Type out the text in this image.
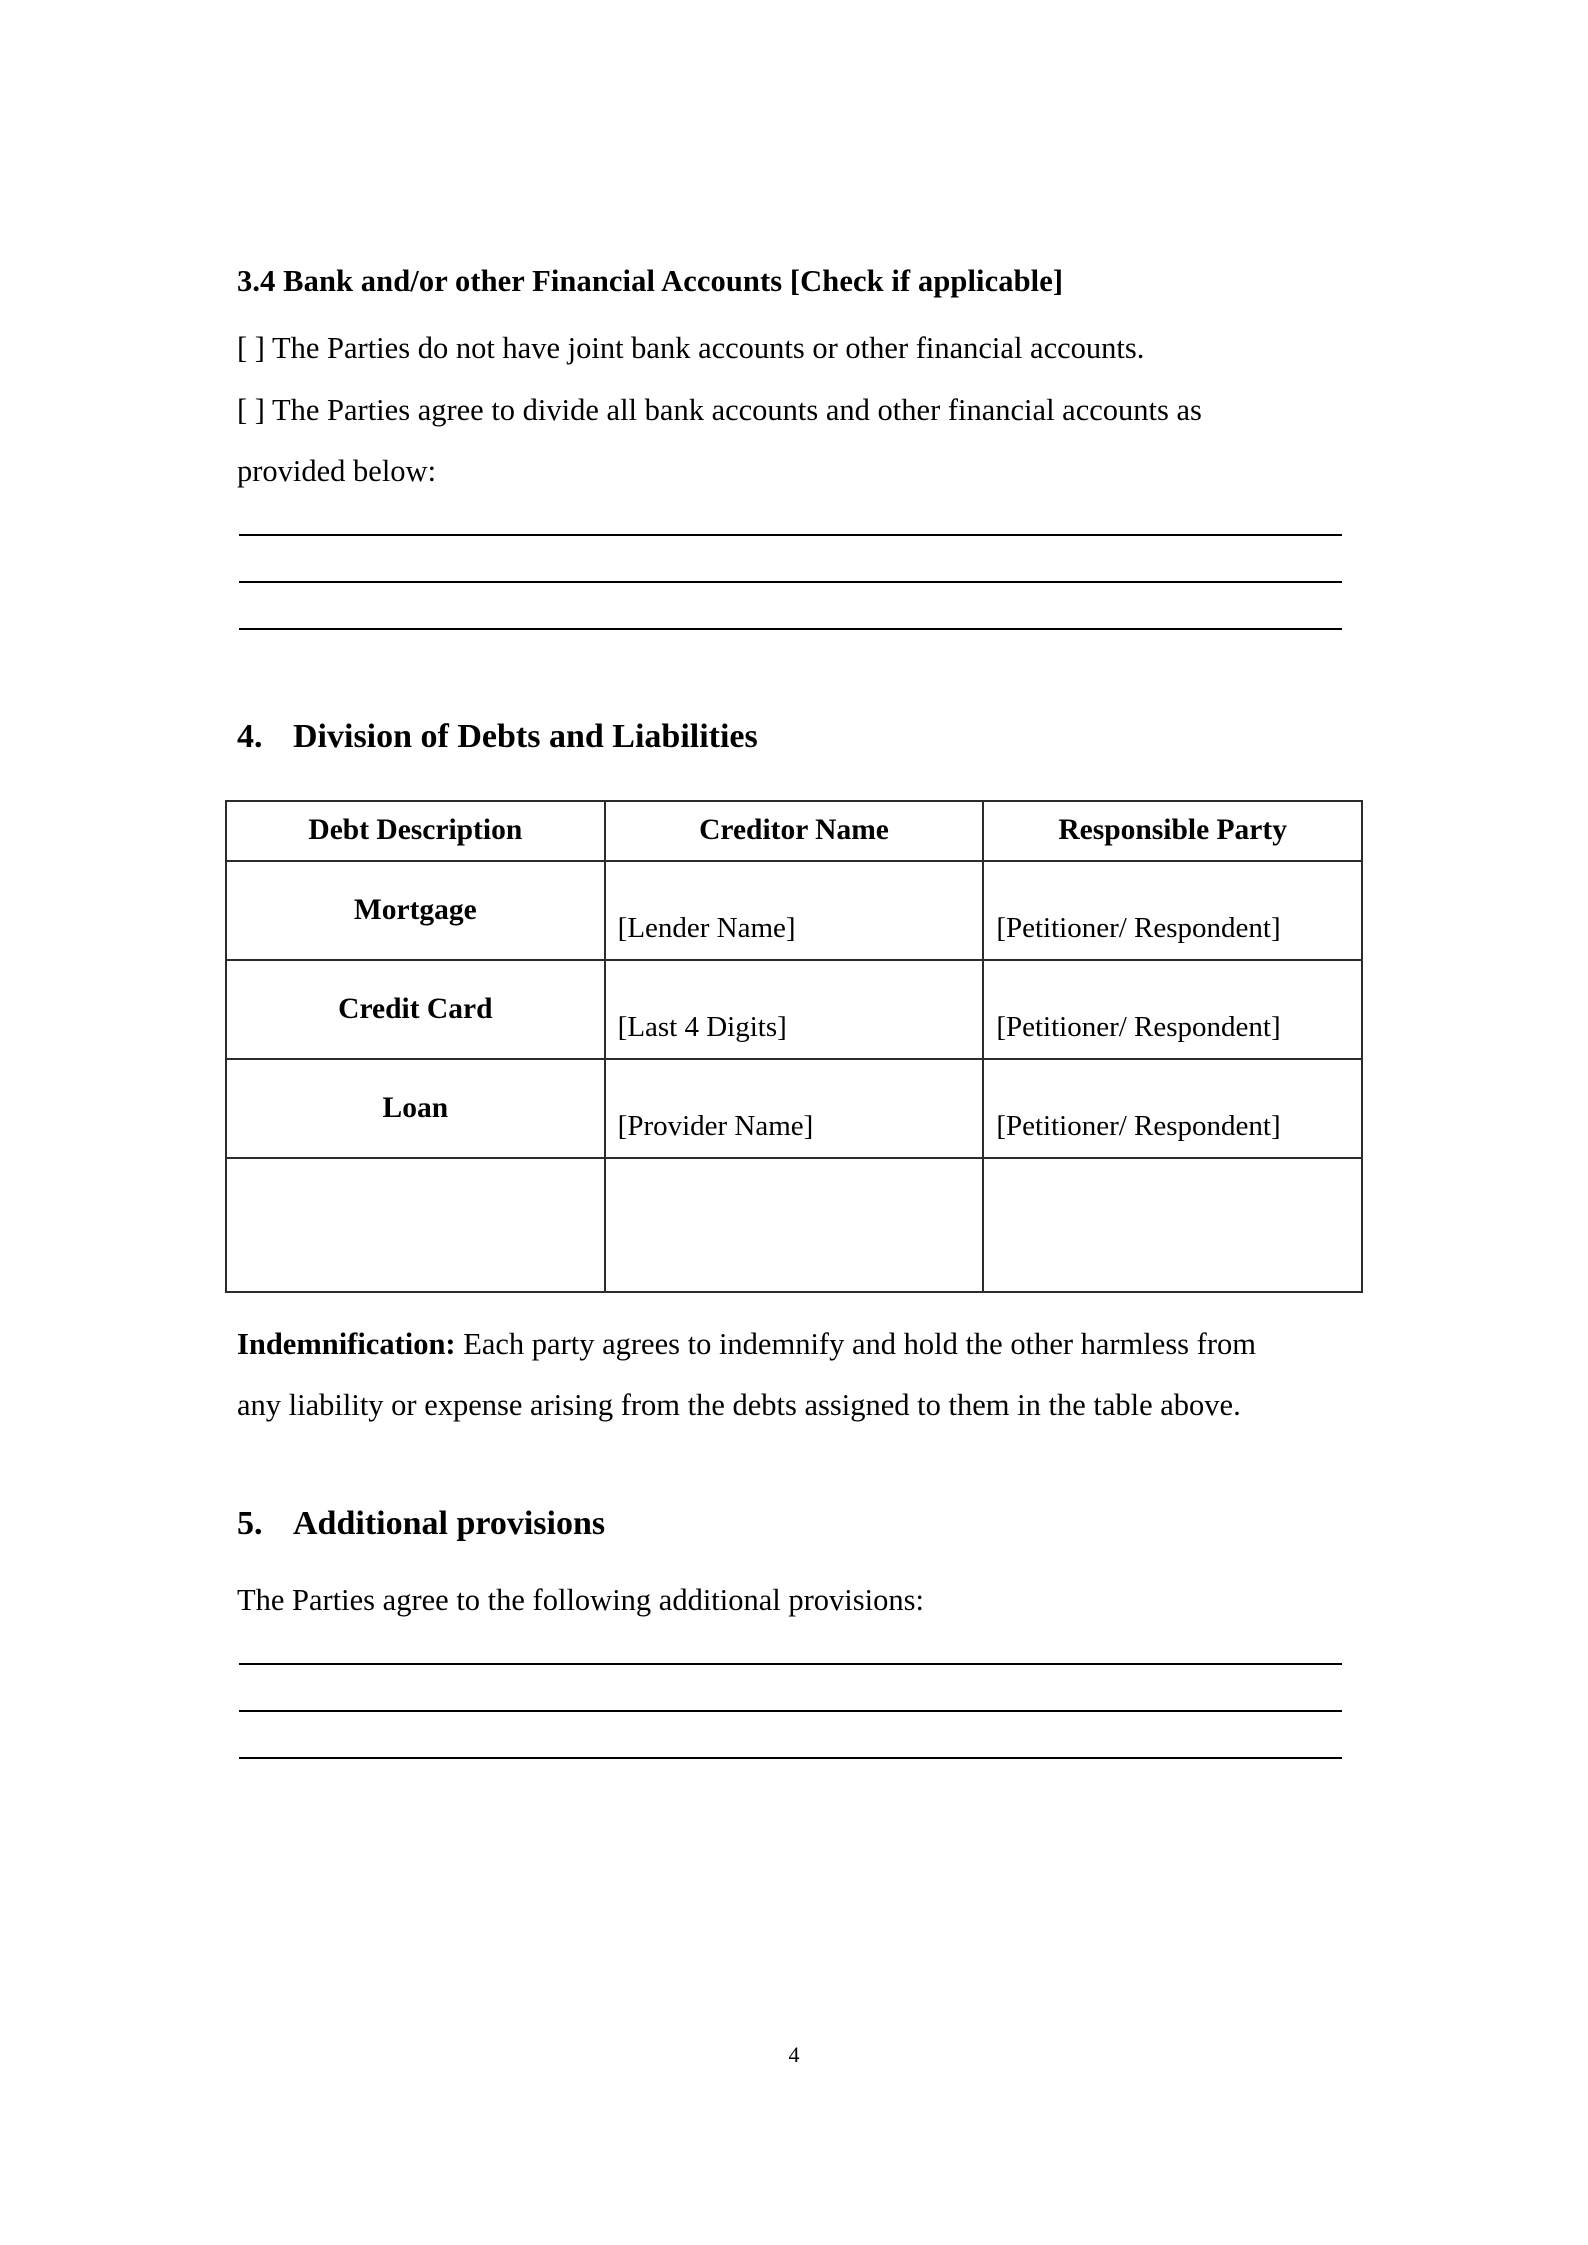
3.4 Bank and/or other Financial Accounts [Check if applicable]

[ ] The Parties do not have joint bank accounts or other financial accounts.

[ ] The Parties agree to divide all bank accounts and other financial accounts as

provided below:

4. Division of Debts and Liabilities
Debt Description	Creditor Name	Responsible Party
Mortgage	[Lender Name]	[Petitioner/ Respondent]
Credit Card	[Last 4 Digits]	[Petitioner/ Respondent]
Loan	[Provider Name]	[Petitioner/ Respondent]

Indemnification: Each party agrees to indemnify and hold the other harmless from

any liability or expense arising from the debts assigned to them in the table above.

5. Additional provisions

The Parties agree to the following additional provisions:

4
